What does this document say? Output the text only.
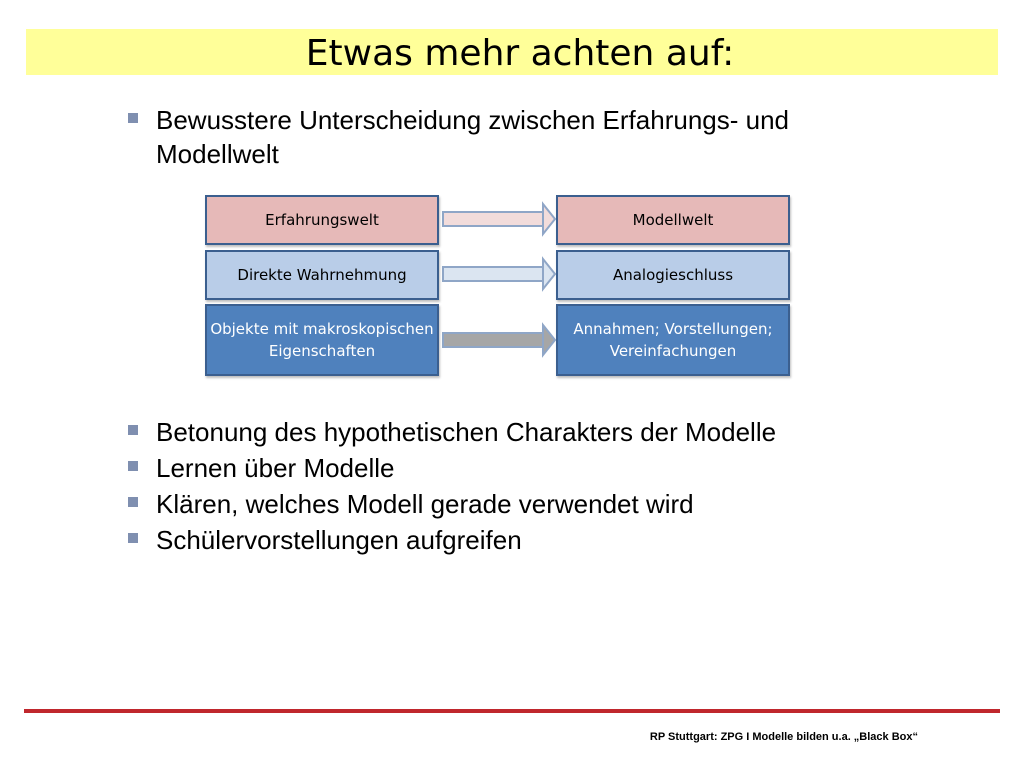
Etwas mehr achten auf:

Bewusstere Unterscheidung zwischen Erfahrungs- und Modellwelt

Erfahrungswelt	Modellwelt
Direkte Wahrnehmung	Analogieschluss
Objekte mit makroskopischen Eigenschaften
Annahmen; Vorstellungen; Vereinfachungen

Betonung des hypothetischen Charakters der Modelle

Lernen über Modelle

Klären, welches Modell gerade verwendet wird

Schülervorstellungen aufgreifen

RP Stuttgart: ZPG I Modelle bilden u.a. „Black Box“
